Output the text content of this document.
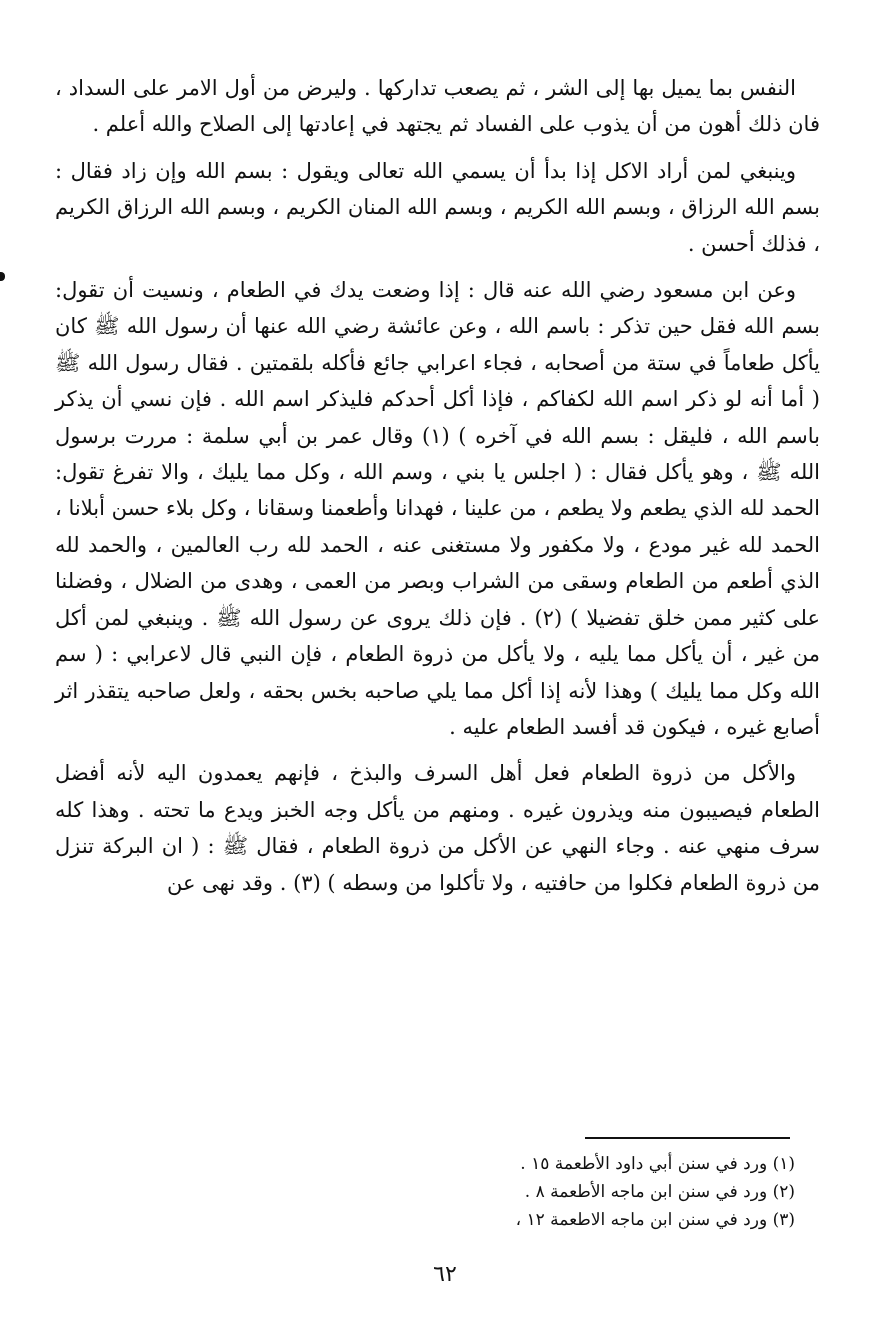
النفس بما يميل بها إلى الشر ، ثم يصعب تداركها . وليرض من أول الامر على السداد ، فان ذلك أهون من أن يذوب على الفساد ثم يجتهد في إعادتها إلى الصلاح والله أعلم .

وينبغي لمن أراد الاكل إذا بدأ أن يسمي الله تعالى ويقول : بسم الله وإن زاد فقال : بسم الله الرزاق ، وبسم الله الكريم ، وبسم الله المنان الكريم ، وبسم الله الرزاق الكريم ، فذلك أحسن .

وعن ابن مسعود رضي الله عنه قال : إذا وضعت يدك في الطعام ، ونسيت أن تقول: بسم الله فقل حين تذكر : باسم الله ، وعن عائشة رضي الله عنها أن رسول الله ﷺ كان يأكل طعاماً في ستة من أصحابه ، فجاء اعرابي جائع فأكله بلقمتين . فقال رسول الله ﷺ ( أما أنه لو ذكر اسم الله لكفاكم ، فإذا أكل أحدكم فليذكر اسم الله . فإن نسي أن يذكر باسم الله ، فليقل : بسم الله في آخره ) (١) وقال عمر بن أبي سلمة : مررت برسول الله ﷺ ، وهو يأكل فقال : ( اجلس يا بني ، وسم الله ، وكل مما يليك ، والا تفرغ تقول: الحمد لله الذي يطعم ولا يطعم ، من علينا ، فهدانا وأطعمنا وسقانا ، وكل بلاء حسن أبلانا ، الحمد لله غير مودع ، ولا مكفور ولا مستغنى عنه ، الحمد لله رب العالمين ، والحمد لله الذي أطعم من الطعام وسقى من الشراب وبصر من العمى ، وهدى من الضلال ، وفضلنا على كثير ممن خلق تفضيلا ) (٢) . فإن ذلك يروى عن رسول الله ﷺ . وينبغي لمن أكل من غير ، أن يأكل مما يليه ، ولا يأكل من ذروة الطعام ، فإن النبي قال لاعرابي : ( سم الله وكل مما يليك ) وهذا لأنه إذا أكل مما يلي صاحبه بخس بحقه ، ولعل صاحبه يتقذر اثر أصابع غيره ، فيكون قد أفسد الطعام عليه .

والأكل من ذروة الطعام فعل أهل السرف والبذخ ، فإنهم يعمدون اليه لأنه أفضل الطعام فيصيبون منه ويذرون غيره . ومنهم من يأكل وجه الخبز ويدع ما تحته . وهذا كله سرف منهي عنه . وجاء النهي عن الأكل من ذروة الطعام ، فقال ﷺ : ( ان البركة تنزل من ذروة الطعام فكلوا من حافتيه ، ولا تأكلوا من وسطه ) (٣) . وقد نهى عن

(١) ورد في سنن أبي داود الأطعمة ١٥ .

(٢) ورد في سنن ابن ماجه الأطعمة ٨ .

(٣) ورد في سنن ابن ماجه الاطعمة ١٢ ،

٦٢
